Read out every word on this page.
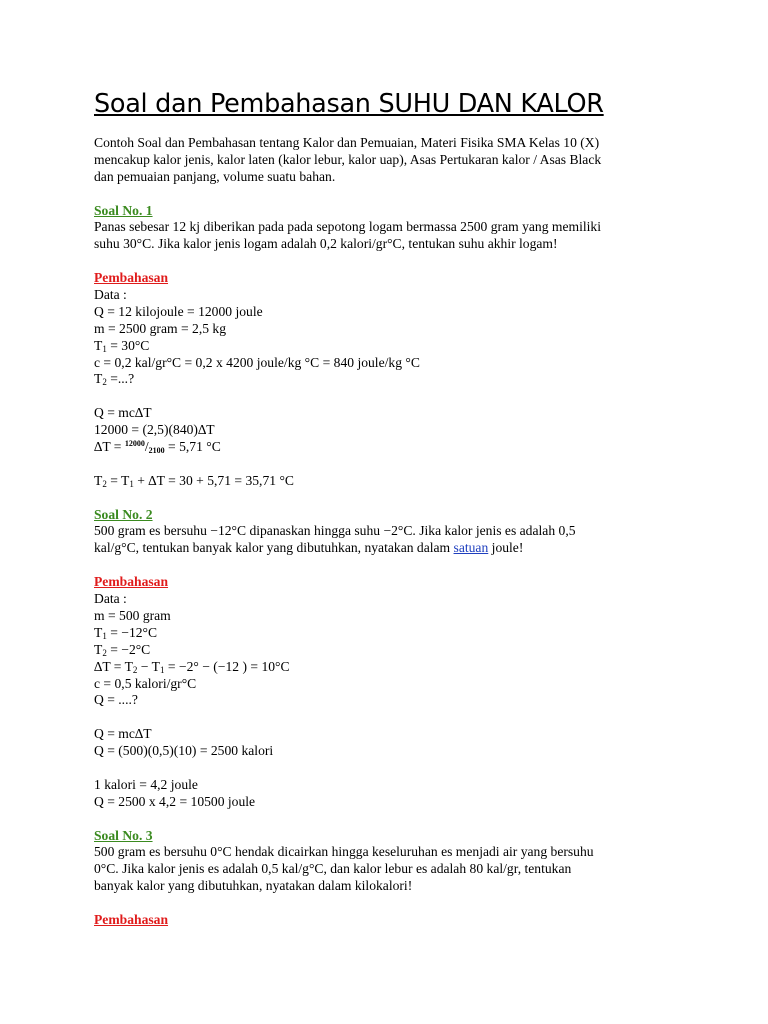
Soal dan Pembahasan SUHU DAN KALOR
Contoh Soal dan Pembahasan tentang Kalor dan Pemuaian, Materi Fisika SMA Kelas 10 (X)
mencakup kalor jenis, kalor laten (kalor lebur, kalor uap), Asas Pertukaran kalor / Asas Black
dan pemuaian panjang, volume suatu bahan.
Soal No. 1
Panas sebesar 12 kj diberikan pada pada sepotong logam bermassa 2500 gram yang memiliki
suhu 30°C. Jika kalor jenis logam adalah 0,2 kalori/gr°C, tentukan suhu akhir logam!
Pembahasan
Data :
Q = 12 kilojoule = 12000 joule
m = 2500 gram = 2,5 kg
$T_1 = 30^\circ C$
c = 0,2 kal/gr°C = 0,2 x 4200 joule/kg °C = 840 joule/kg °C
$T_2$ =...?
Q = mc∆T
12000 = (2,5)(840)∆T
∆T = $^{12000}$/2100 = 5,71 °C
$T_2 = T_1 + \Delta T = 30 + 5,71 = 35,71$ °C
Soal No. 2
500 gram es bersuhu −12°C dipanaskan hingga suhu −2°C. Jika kalor jenis es adalah 0,5
kal/g°C, tentukan banyak kalor yang dibutuhkan, nyatakan dalam satuan joule!
Pembahasan
Data :
m = 500 gram
$T_1 = -12^\circ C$
$T_2 = -2^\circ C$
$\Delta T = T_2 - T_1 = -2^\circ - (-12$ ) = 10°C
c = 0,5 kalori/gr°C
Q = ....?
Q = mc∆T
Q = (500)(0,5)(10) = 2500 kalori
1 kalori = 4,2 joule
Q = 2500 x 4,2 = 10500 joule
Soal No. 3
500 gram es bersuhu 0°C hendak dicairkan hingga keseluruhan es menjadi air yang bersuhu
0°C. Jika kalor jenis es adalah 0,5 kal/g°C, dan kalor lebur es adalah 80 kal/gr, tentukan
banyak kalor yang dibutuhkan, nyatakan dalam kilokalori!
Pembahasan
